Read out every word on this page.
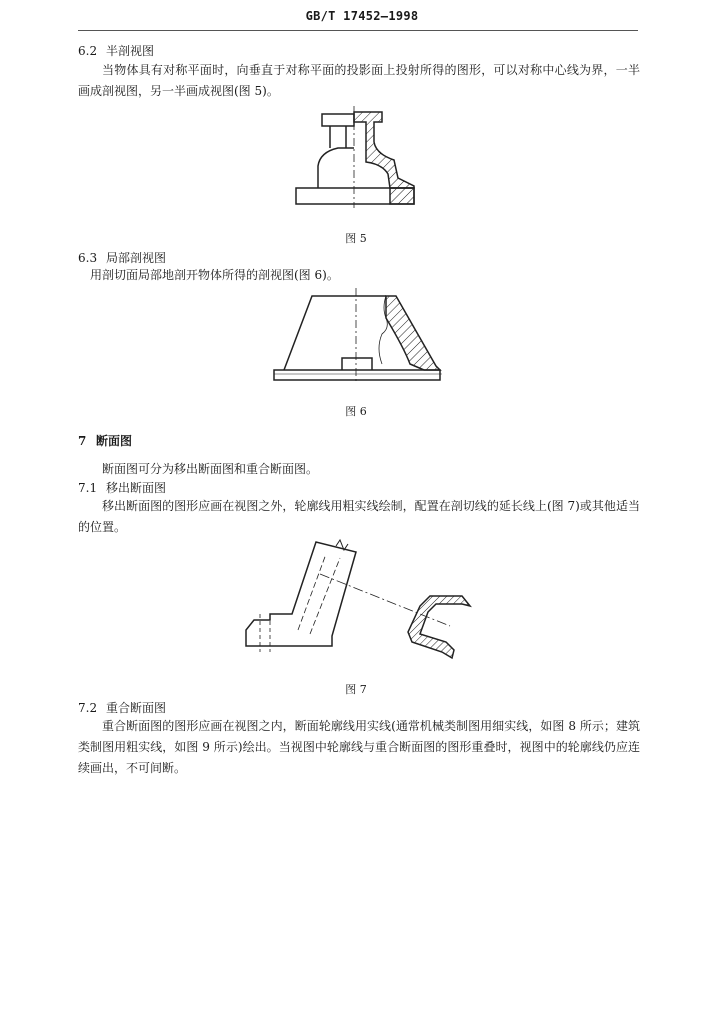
GB/T 17452—1998
6.2 半剖视图
当物体具有对称平面时，向垂直于对称平面的投影面上投射所得的图形，可以对称中心线为界，一半画成剖视图，另一半画成视图(图 5)。
图 5
6.3 局部剖视图
用剖切面局部地剖开物体所得的剖视图(图 6)。
图 6
7 断面图
断面图可分为移出断面图和重合断面图。
7.1 移出断面图
移出断面图的图形应画在视图之外，轮廓线用粗实线绘制，配置在剖切线的延长线上(图 7)或其他适当的位置。
图 7
7.2 重合断面图
重合断面图的图形应画在视图之内，断面轮廓线用实线(通常机械类制图用细实线，如图 8 所示；建筑类制图用粗实线，如图 9 所示)绘出。当视图中轮廓线与重合断面图的图形重叠时，视图中的轮廓线仍应连续画出，不可间断。
